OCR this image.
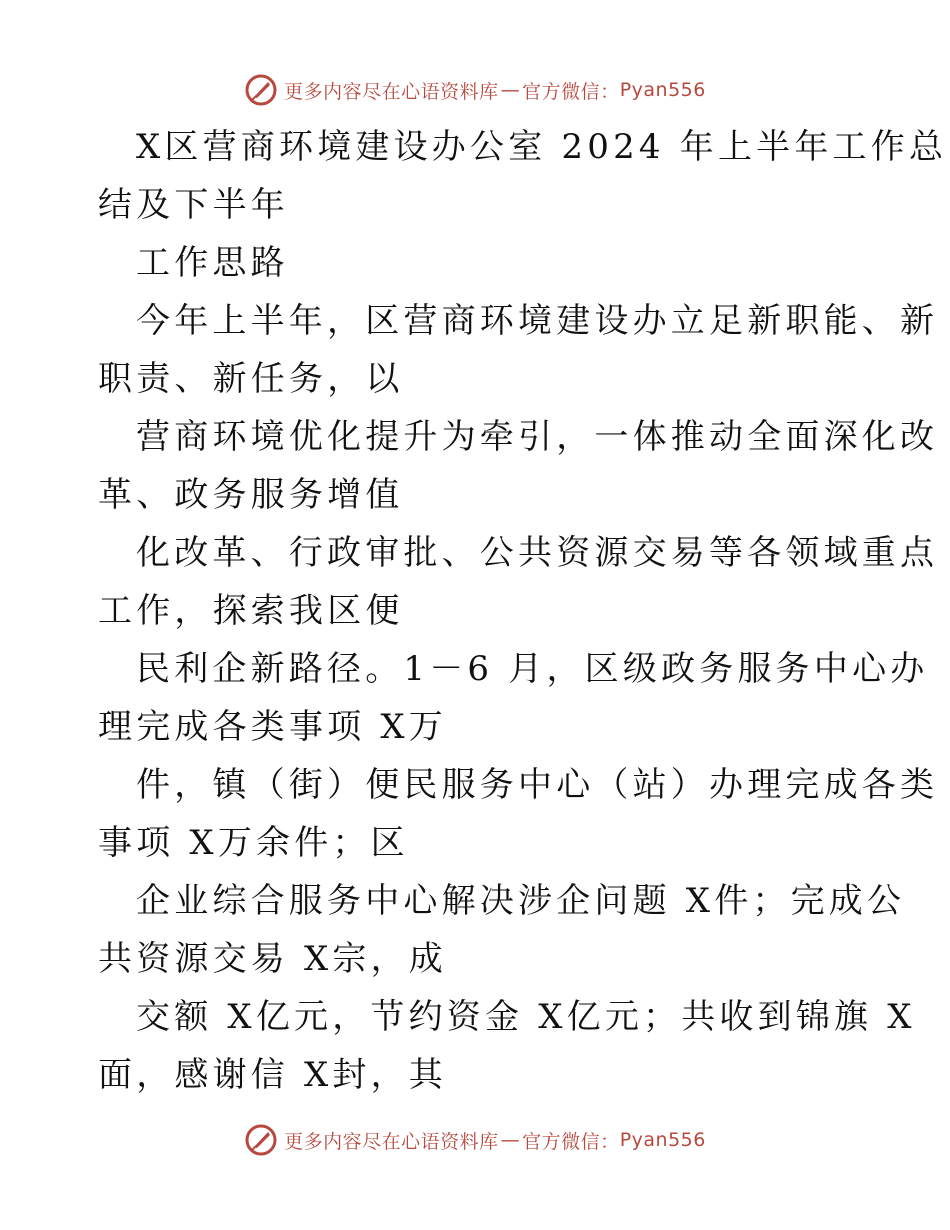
更多内容尽在心语资料库 — 官方微信： Pyan556
X区营商环境建设办公室 2024 年上半年工作总
结及下半年
工作思路
今年上半年，区营商环境建设办立足新职能、新
职责、新任务，以
营商环境优化提升为牵引，一体推动全面深化改
革、政务服务增值
化改革、行政审批、公共资源交易等各领域重点
工作，探索我区便
民利企新路径。1－6 月，区级政务服务中心办
理完成各类事项 X万
件，镇（街）便民服务中心（站）办理完成各类
事项 X万余件；区
企业综合服务中心解决涉企问题 X件；完成公
共资源交易 X宗，成
交额 X亿元，节约资金 X亿元；共收到锦旗 X
面，感谢信 X封，其
更多内容尽在心语资料库 — 官方微信： Pyan556
